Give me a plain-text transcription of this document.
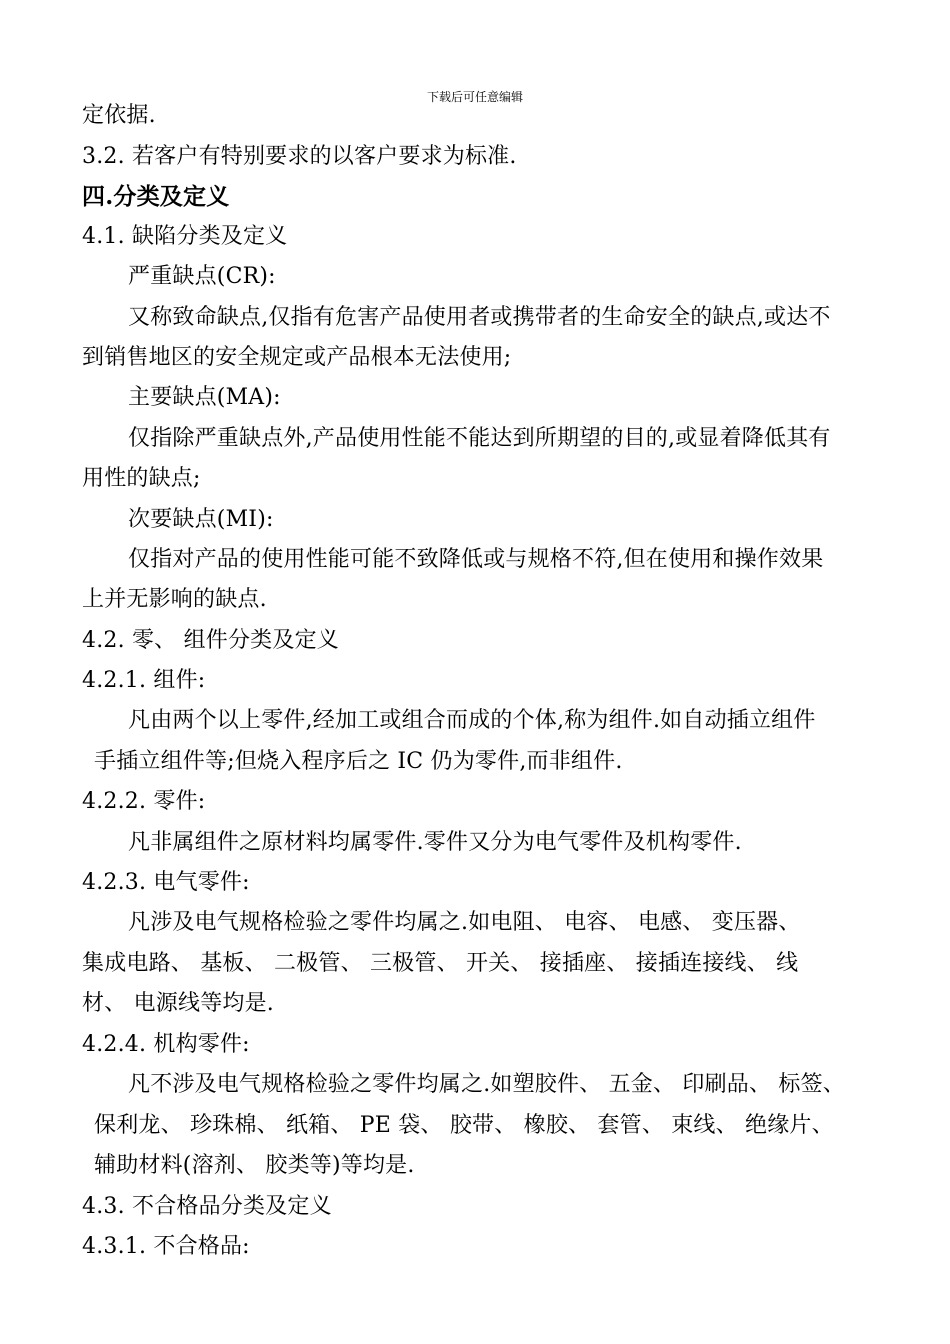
下载后可任意编辑
定依据.
3.2. 若客户有特别要求的以客户要求为标准.
四.分类及定义
4.1. 缺陷分类及定义
严重缺点(CR):
又称致命缺点,仅指有危害产品使用者或携带者的生命安全的缺点,或达不
到销售地区的安全规定或产品根本无法使用;
主要缺点(MA):
仅指除严重缺点外,产品使用性能不能达到所期望的目的,或显着降低其有
用性的缺点;
次要缺点(MI):
仅指对产品的使用性能可能不致降低或与规格不符,但在使用和操作效果
上并无影响的缺点.
4.2. 零、 组件分类及定义
4.2.1. 组件:
凡由两个以上零件,经加工或组合而成的个体,称为组件.如自动插立组件
手插立组件等;但烧入程序后之 IC 仍为零件,而非组件.
4.2.2. 零件:
凡非属组件之原材料均属零件.零件又分为电气零件及机构零件.
4.2.3. 电气零件:
凡涉及电气规格检验之零件均属之.如电阻、 电容、 电感、 变压器、
集成电路、 基板、 二极管、 三极管、 开关、 接插座、 接插连接线、 线
材、 电源线等均是.
4.2.4. 机构零件:
凡不涉及电气规格检验之零件均属之.如塑胶件、 五金、 印刷品、 标签、
保利龙、 珍珠棉、 纸箱、 PE 袋、 胶带、 橡胶、 套管、 束线、 绝缘片、
辅助材料(溶剂、 胶类等)等均是.
4.3. 不合格品分类及定义
4.3.1. 不合格品:
